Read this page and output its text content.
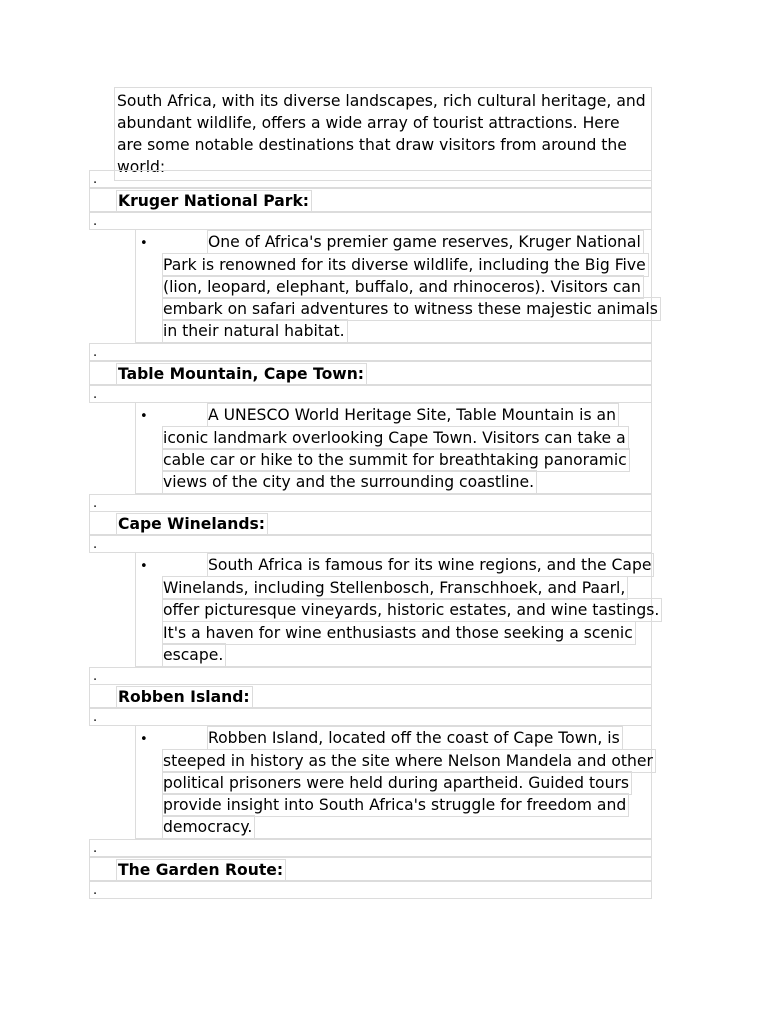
South Africa, with its diverse landscapes, rich cultural heritage, and abundant wildlife, offers a wide array of tourist attractions. Here are some notable destinations that draw visitors from around the world:
.
Kruger National Park:
.
•	One of Africa's premier game reserves, Kruger National
Park is renowned for its diverse wildlife, including the Big Five
(lion, leopard, elephant, buffalo, and rhinoceros). Visitors can
embark on safari adventures to witness these majestic animals
in their natural habitat.
.
Table Mountain, Cape Town:
.
•	A UNESCO World Heritage Site, Table Mountain is an
iconic landmark overlooking Cape Town. Visitors can take a
cable car or hike to the summit for breathtaking panoramic
views of the city and the surrounding coastline.
.
Cape Winelands:
.
•	South Africa is famous for its wine regions, and the Cape
Winelands, including Stellenbosch, Franschhoek, and Paarl,
offer picturesque vineyards, historic estates, and wine tastings.
It's a haven for wine enthusiasts and those seeking a scenic
escape.
.
Robben Island:
.
•	Robben Island, located off the coast of Cape Town, is
steeped in history as the site where Nelson Mandela and other
political prisoners were held during apartheid. Guided tours
provide insight into South Africa's struggle for freedom and
democracy.
.
The Garden Route:
.
